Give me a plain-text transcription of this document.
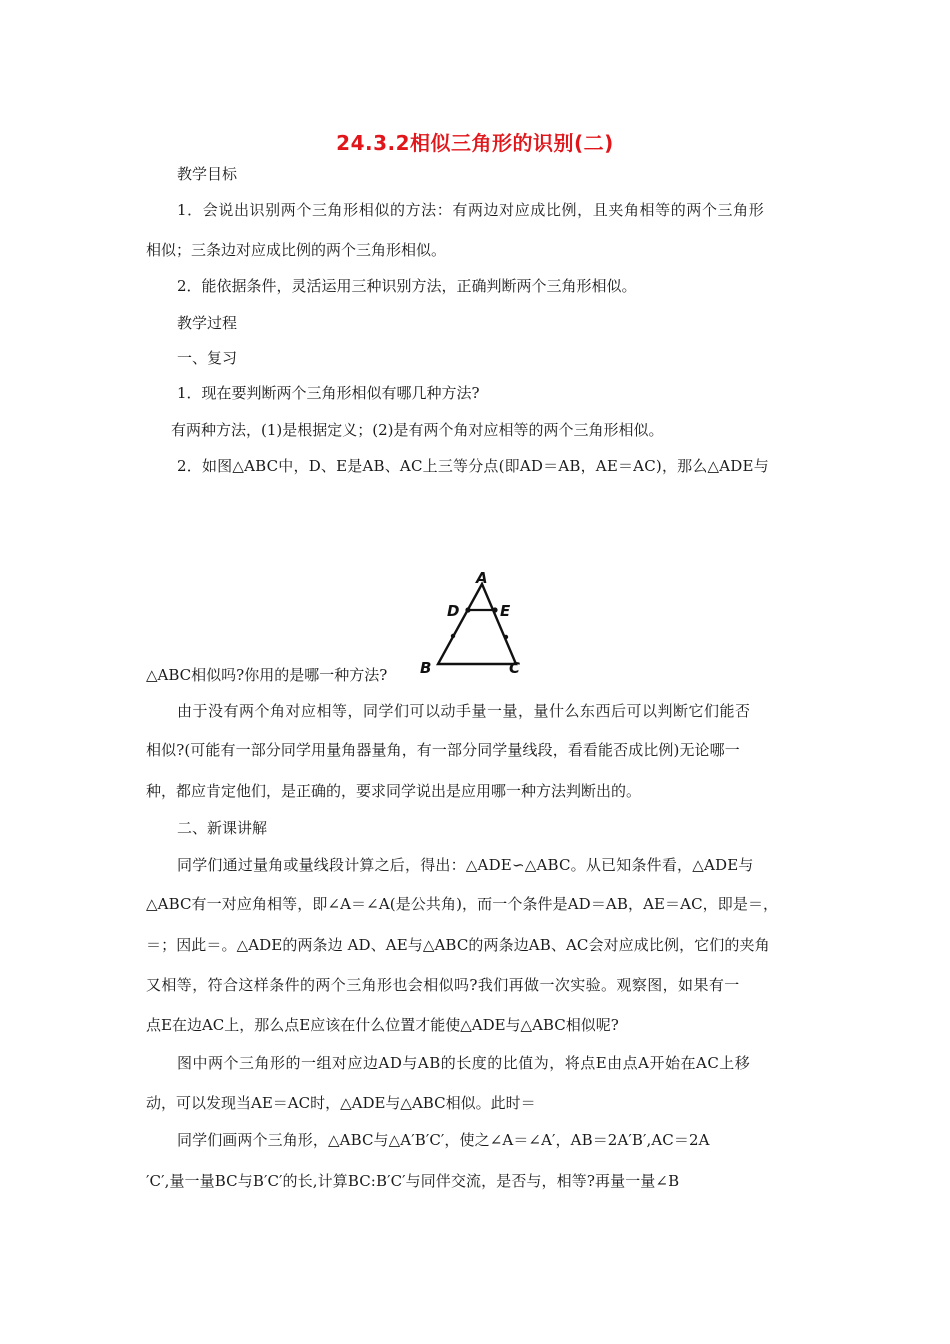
24.3.2相似三角形的识别(二)
教学目标
1．会说出识别两个三角形相似的方法：有两边对应成比例，且夹角相等的两个三角形
相似；三条边对应成比例的两个三角形相似。
2．能依据条件，灵活运用三种识别方法，正确判断两个三角形相似。
教学过程
一、复习
1．现在要判断两个三角形相似有哪几种方法?
有两种方法，(1)是根据定义；(2)是有两个角对应相等的两个三角形相似。
2．如图△ABC中，D、E是AB、AC上三等分点(即AD＝AB，AE＝AC)，那么△ADE与
A
D	E
B	C
△ABC相似吗?你用的是哪一种方法?
由于没有两个角对应相等，同学们可以动手量一量，量什么东西后可以判断它们能否
相似?(可能有一部分同学用量角器量角，有一部分同学量线段，看看能否成比例)无论哪一
种，都应肯定他们，是正确的，要求同学说出是应用哪一种方法判断出的。
二、新课讲解
同学们通过量角或量线段计算之后，得出：△ADE∽△ABC。从已知条件看，△ADE与
△ABC有一对应角相等，即∠A＝∠A(是公共角)，而一个条件是AD＝AB，AE＝AC，即是＝，
＝；因此＝。△ADE的两条边 AD、AE与△ABC的两条边AB、AC会对应成比例，它们的夹角
又相等，符合这样条件的两个三角形也会相似吗?我们再做一次实验。观察图，如果有一
点E在边AC上，那么点E应该在什么位置才能使△ADE与△ABC相似呢?
图中两个三角形的一组对应边AD与AB的长度的比值为，将点E由点A开始在AC上移
动，可以发现当AE＝AC时，△ADE与△ABC相似。此时＝
同学们画两个三角形，△ABC与△A′B′C′，使之∠A＝∠A′，AB＝2A′B′,AC＝2A
′C′,量一量BC与B′C′的长,计算BC:B′C′与同伴交流，是否与，相等?再量一量∠B
